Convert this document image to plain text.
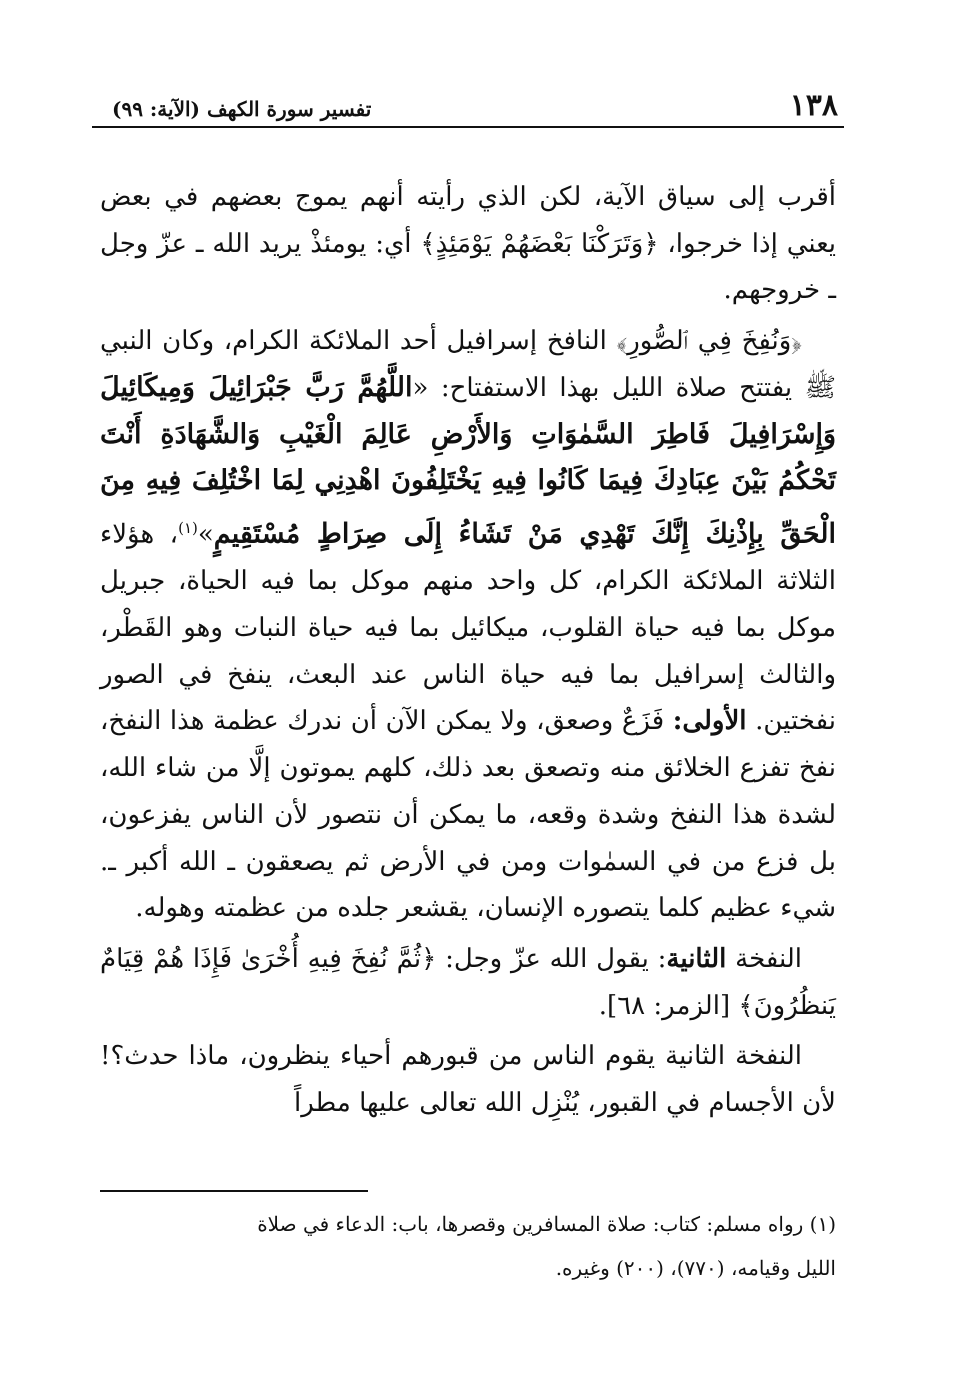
١٣٨
تفسير سورة الكهف (الآية: ٩٩)

أقرب إلى سياق الآية، لكن الذي رأيته أنهم يموج بعضهم في بعض يعني إذا خرجوا، ﴿وَتَرَكْنَا بَعْضَهُمْ يَوْمَئِذٍ﴾ أي: يومئذْ يريد الله ـ عزّ وجل ـ خروجهم.

﴿وَنُفِخَ فِي ٱلصُّورِ﴾ النافخ إسرافيل أحد الملائكة الكرام، وكان النبي ﷺ يفتتح صلاة الليل بهذا الاستفتاح: «اللَّهُمَّ رَبَّ جَبْرَائِيلَ وَمِيكَائِيلَ وَإِسْرَافِيلَ فَاطِرَ السَّمٰوَاتِ وَالأَرْضِ عَالِمَ الْغَيْبِ وَالشَّهَادَةِ أَنْتَ تَحْكُمُ بَيْنَ عِبَادِكَ فِيمَا كَانُوا فِيهِ يَخْتَلِفُونَ اهْدِنِي لِمَا اخْتُلِفَ فِيهِ مِنَ الْحَقِّ بِإِذْنِكَ إِنَّكَ تَهْدِي مَنْ تَشَاءُ إِلَى صِرَاطٍ مُسْتَقِيمٍ»$^{(١)}$، هؤلاء الثلاثة الملائكة الكرام، كل واحد منهم موكل بما فيه الحياة، جبريل موكل بما فيه حياة القلوب، ميكائيل بما فيه حياة النبات وهو القَطْر، والثالث إسرافيل بما فيه حياة الناس عند البعث، ينفخ في الصور نفختين. الأولى: فَزَعٌ وصعق، ولا يمكن الآن أن ندرك عظمة هذا النفخ، نفخ تفزع الخلائق منه وتصعق بعد ذلك، كلهم يموتون إلَّا من شاء الله، لشدة هذا النفخ وشدة وقعه، ما يمكن أن نتصور لأن الناس يفزعون، بل فزع من في السمٰوات ومن في الأرض ثم يصعقون ـ الله أكبر ـ. شيء عظيم كلما يتصوره الإنسان، يقشعر جلده من عظمته وهوله.

النفخة الثانية: يقول الله عزّ وجل: ﴿ثُمَّ نُفِخَ فِيهِ أُخْرَىٰ فَإِذَا هُمْ قِيَامٌ يَنظُرُونَ﴾ [الزمر: ٦٨].

النفخة الثانية يقوم الناس من قبورهم أحياء ينظرون، ماذا حدث؟! لأن الأجسام في القبور، يُنْزِل الله تعالى عليها مطراً

(١) رواه مسلم: كتاب: صلاة المسافرين وقصرها، باب: الدعاء في صلاة

الليل وقيامه، (٧٧٠)، (٢٠٠) وغيره.
